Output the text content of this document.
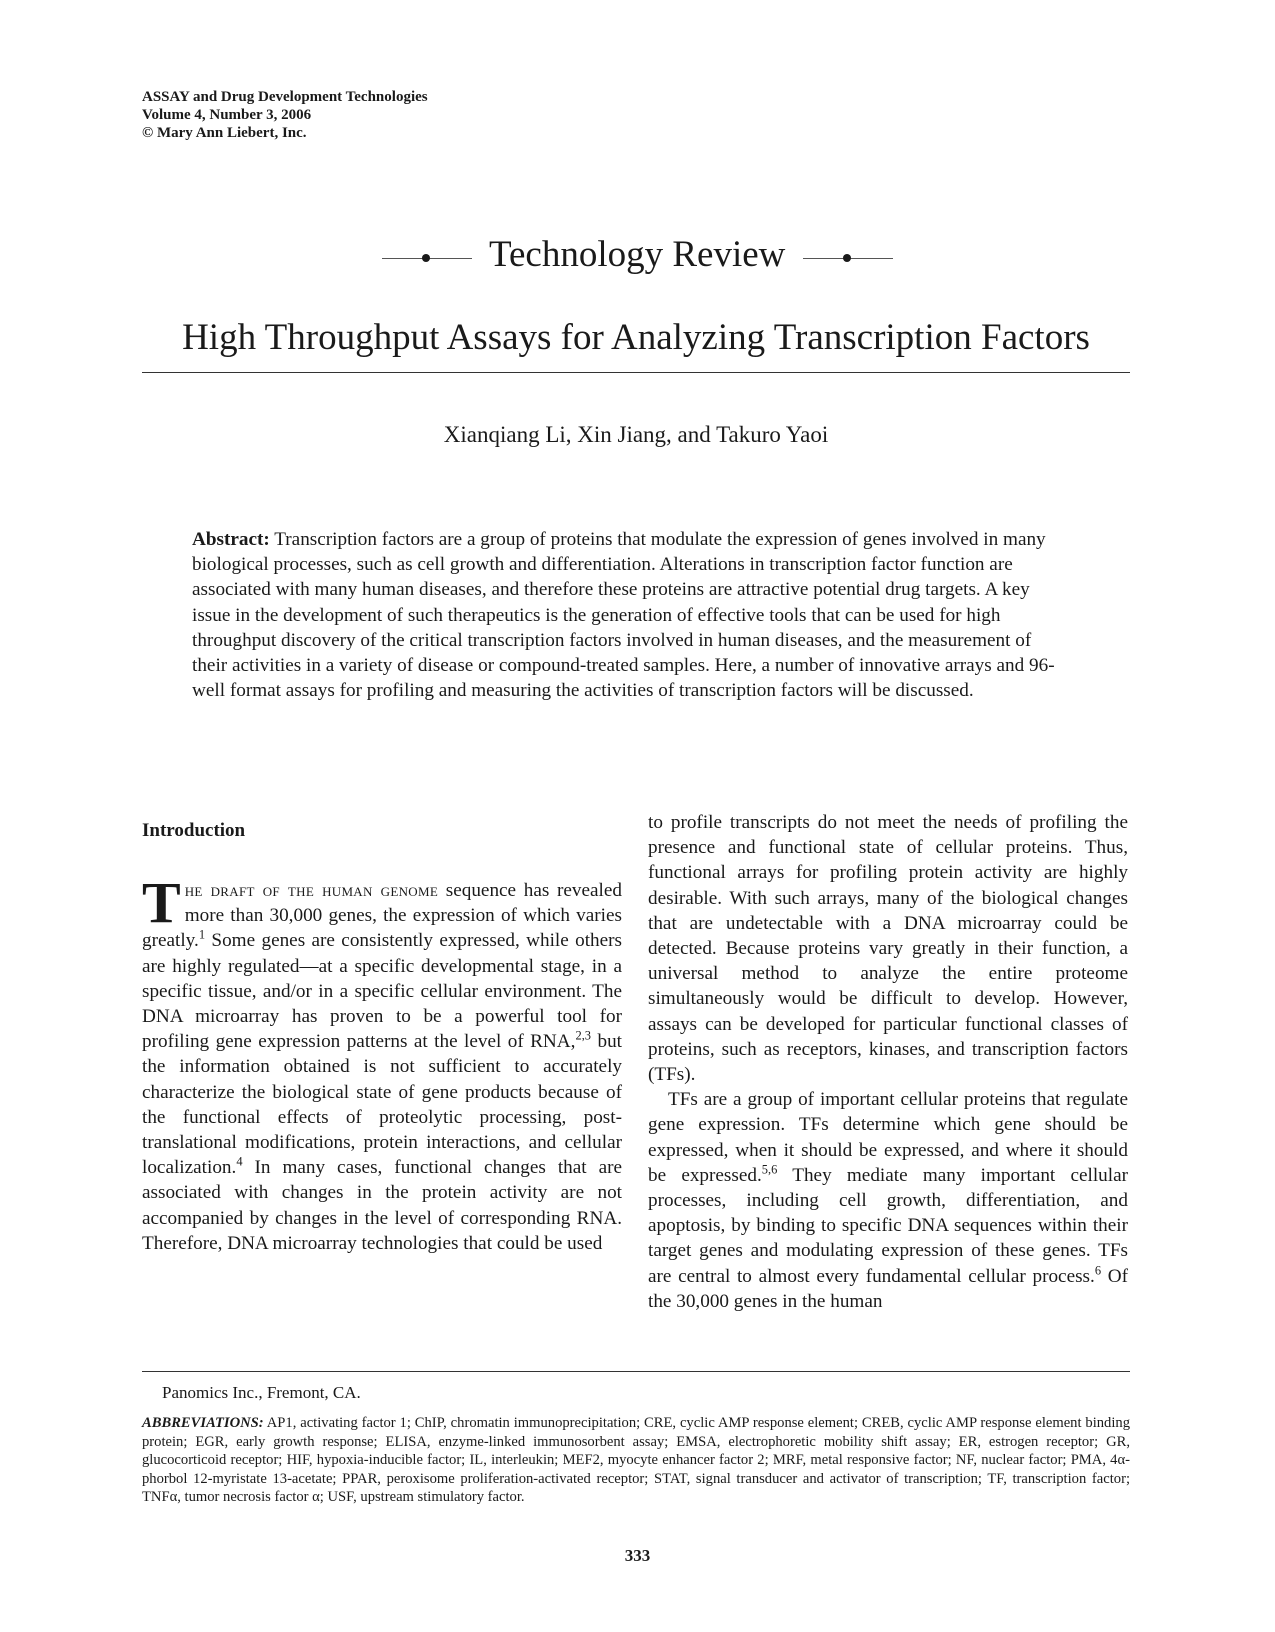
ASSAY and Drug Development Technologies
Volume 4, Number 3, 2006
© Mary Ann Liebert, Inc.
Technology Review
High Throughput Assays for Analyzing Transcription Factors
Xianqiang Li, Xin Jiang, and Takuro Yaoi
Abstract: Transcription factors are a group of proteins that modulate the expression of genes involved in many biological processes, such as cell growth and differentiation. Alterations in transcription factor function are associated with many human diseases, and therefore these proteins are attractive potential drug targets. A key issue in the development of such therapeutics is the generation of effective tools that can be used for high throughput discovery of the critical transcription factors involved in human diseases, and the measurement of their activities in a variety of disease or compound-treated samples. Here, a number of innovative arrays and 96-well format assays for profiling and measuring the activities of transcription factors will be discussed.
Introduction
The draft of the human genome sequence has revealed more than 30,000 genes, the expression of which varies greatly.$^1$ Some genes are consistently expressed, while others are highly regulated—at a specific developmental stage, in a specific tissue, and/or in a specific cellular environment. The DNA microarray has proven to be a powerful tool for profiling gene expression patterns at the level of RNA,$^{2,3}$ but the information obtained is not sufficient to accurately characterize the biological state of gene products because of the functional effects of proteolytic processing, post-translational modifications, protein interactions, and cellular localization.$^4$ In many cases, functional changes that are associated with changes in the protein activity are not accompanied by changes in the level of corresponding RNA. Therefore, DNA microarray technologies that could be used

to profile transcripts do not meet the needs of profiling the presence and functional state of cellular proteins. Thus, functional arrays for profiling protein activity are highly desirable. With such arrays, many of the biological changes that are undetectable with a DNA microarray could be detected. Because proteins vary greatly in their function, a universal method to analyze the entire proteome simultaneously would be difficult to develop. However, assays can be developed for particular functional classes of proteins, such as receptors, kinases, and transcription factors (TFs).

TFs are a group of important cellular proteins that regulate gene expression. TFs determine which gene should be expressed, when it should be expressed, and where it should be expressed.$^{5,6}$ They mediate many important cellular processes, including cell growth, differentiation, and apoptosis, by binding to specific DNA sequences within their target genes and modulating expression of these genes. TFs are central to almost every fundamental cellular process.$^6$ Of the 30,000 genes in the human

Panomics Inc., Fremont, CA.
ABBREVIATIONS: AP1, activating factor 1; ChIP, chromatin immunoprecipitation; CRE, cyclic AMP response element; CREB, cyclic AMP response element binding protein; EGR, early growth response; ELISA, enzyme-linked immunosorbent assay; EMSA, electrophoretic mobility shift assay; ER, estrogen receptor; GR, glucocorticoid receptor; HIF, hypoxia-inducible factor; IL, interleukin; MEF2, myocyte enhancer factor 2; MRF, metal responsive factor; NF, nuclear factor; PMA, 4α-phorbol 12-myristate 13-acetate; PPAR, peroxisome proliferation-activated receptor; STAT, signal transducer and activator of transcription; TF, transcription factor; TNFα, tumor necrosis factor α; USF, upstream stimulatory factor.
333
